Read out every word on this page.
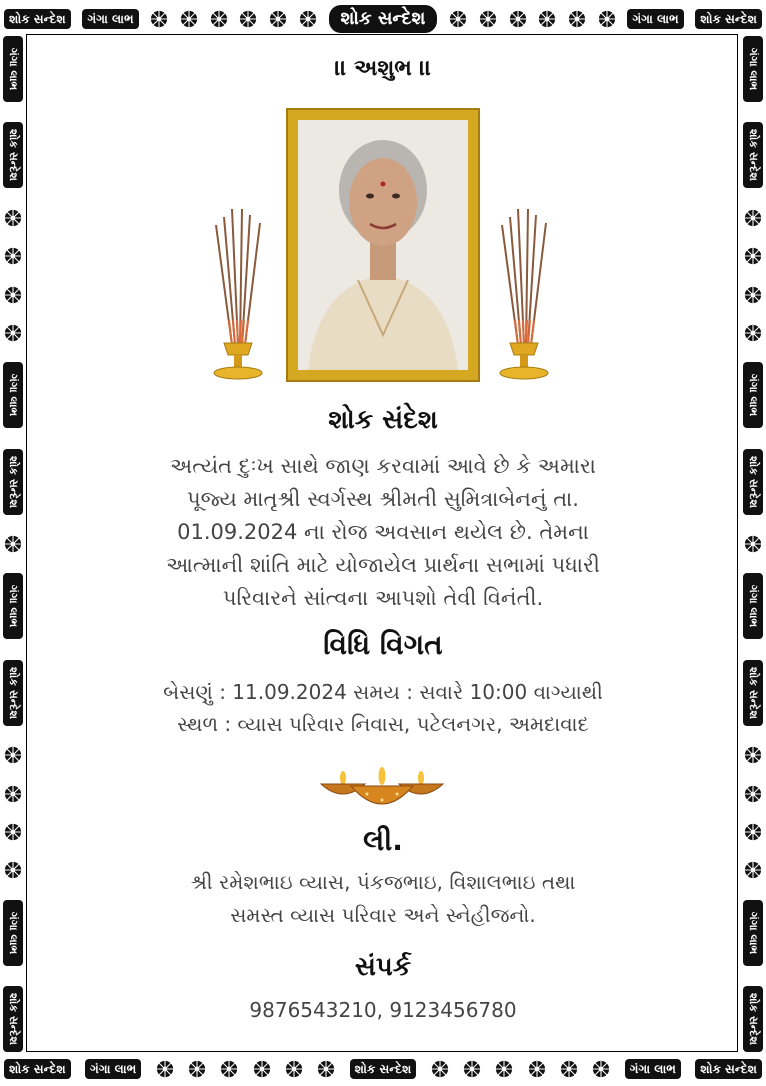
શોક સન્દેશ	ગંગા લાભ	શોક સન્દેશ	ગંગા લાભ	શોક સન્દેશ
શોક સન્દેશ	ગંગા લાભ	શોક સન્દેશ	ગંગા લાભ	શોક સન્દેશ
ગંગા લાભ
શોક સન્દેશ
ગંગા લાભ
શોક સન્દેશ
ગંગા લાભ
શોક સન્દેશ
ગંગા લાભ
શોક સન્દેશ
ગંગા લાભ
શોક સન્દેશ
ગંગા લાભ
શોક સન્દેશ
ગંગા લાભ
શોક સન્દેશ
ગંગા લાભ
શોક સન્દેશ
।। અશુભ ।।
શોક સંદેશ
અત્યંત દુઃખ સાથે જાણ કરવામાં આવે છે કે અમારા
પૂજ્ય માતૃશ્રી સ્વર્ગસ્થ શ્રીમતી સુમિત્રાબેનનું તા.
01.09.2024 ના રોજ અવસાન થયેલ છે. તેમના
આત્માની શાંતિ માટે યોજાયેલ પ્રાર્થના સભામાં પધારી
પરિવારને સાંત્વના આપશો તેવી વિનંતી.
વિધિ વિગત
બેસણું : 11.09.2024 સમય : સવારે 10:00 વાગ્યાથી
સ્થળ : વ્યાસ પરિવાર નિવાસ, પટેલનગર, અમદાવાદ
લી.
શ્રી રમેશભાઇ વ્યાસ, પંકજભાઇ, વિશાલભાઇ તથા
સમસ્ત વ્યાસ પરિવાર અને સ્નેહીજનો.
સંપર્ક
9876543210, 9123456780
